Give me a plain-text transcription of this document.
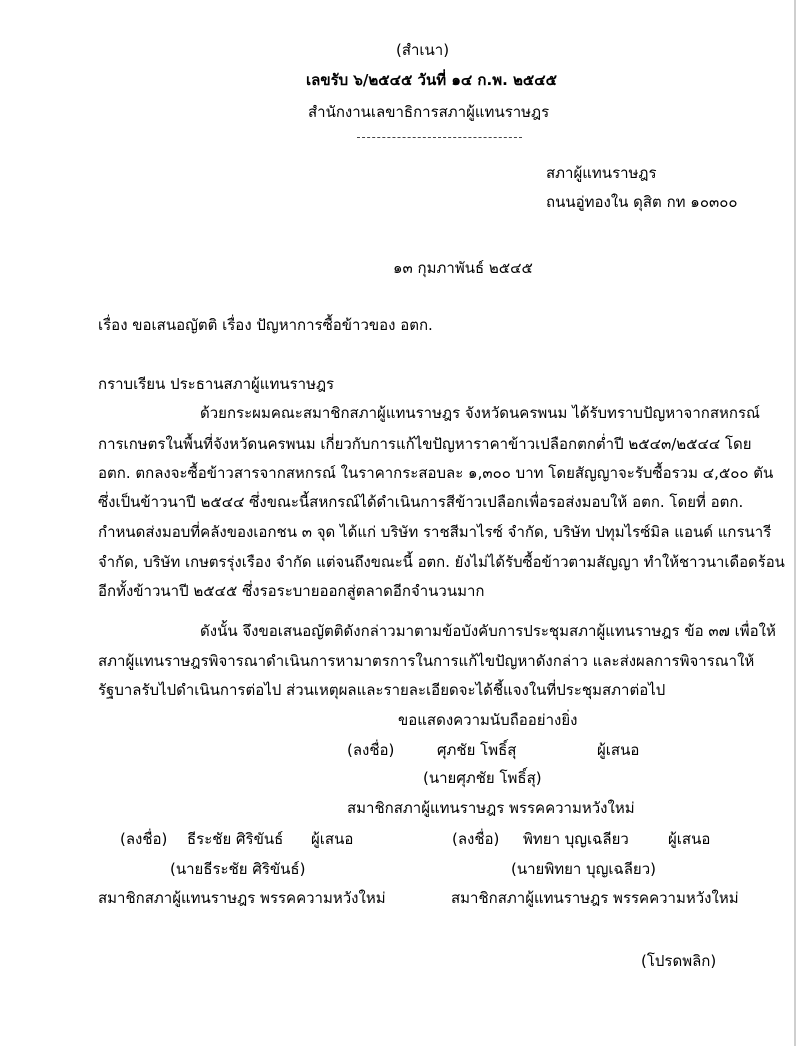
(สำเนา)
เลขรับ ๖/๒๕๔๕ วันที่ ๑๔ ก.พ. ๒๕๔๕
สำนักงานเลขาธิการสภาผู้แทนราษฎร
สภาผู้แทนราษฎร
ถนนอู่ทองใน ดุสิต กท ๑๐๓๐๐
๑๓ กุมภาพันธ์ ๒๕๔๕
เรื่อง ขอเสนอญัตติ เรื่อง ปัญหาการซื้อข้าวของ อตก.
กราบเรียน ประธานสภาผู้แทนราษฎร
ด้วยกระผมคณะสมาชิกสภาผู้แทนราษฎร จังหวัดนครพนม ได้รับทราบปัญหาจากสหกรณ์
การเกษตรในพื้นที่จังหวัดนครพนม เกี่ยวกับการแก้ไขปัญหาราคาข้าวเปลือกตกต่ำปี ๒๕๔๓/๒๕๔๔ โดย
อตก. ตกลงจะซื้อข้าวสารจากสหกรณ์ ในราคากระสอบละ ๑,๓๐๐ บาท โดยสัญญาจะรับซื้อรวม ๔,๕๐๐ ตัน
ซึ่งเป็นข้าวนาปี ๒๕๔๔ ซึ่งขณะนี้สหกรณ์ได้ดำเนินการสีข้าวเปลือกเพื่อรอส่งมอบให้ อตก. โดยที่ อตก.
กำหนดส่งมอบที่คลังของเอกชน ๓ จุด ได้แก่ บริษัท ราชสีมาไรซ์ จำกัด, บริษัท ปทุมไรซ์มิล แอนด์ แกรนารี
จำกัด, บริษัท เกษตรรุ่งเรือง จำกัด แต่จนถึงขณะนี้ อตก. ยังไม่ได้รับซื้อข้าวตามสัญญา ทำให้ชาวนาเดือดร้อน
อีกทั้งข้าวนาปี ๒๕๔๕ ซึ่งรอระบายออกสู่ตลาดอีกจำนวนมาก
ดังนั้น จึงขอเสนอญัตติดังกล่าวมาตามข้อบังคับการประชุมสภาผู้แทนราษฎร ข้อ ๓๗ เพื่อให้
สภาผู้แทนราษฎรพิจารณาดำเนินการหามาตรการในการแก้ไขปัญหาดังกล่าว และส่งผลการพิจารณาให้
รัฐบาลรับไปดำเนินการต่อไป ส่วนเหตุผลและรายละเอียดจะได้ชี้แจงในที่ประชุมสภาต่อไป
ขอแสดงความนับถืออย่างยิ่ง
(ลงชื่อ)	ศุภชัย โพธิ์สุ	ผู้เสนอ
(นายศุภชัย โพธิ์สุ)
สมาชิกสภาผู้แทนราษฎร พรรคความหวังใหม่
(ลงชื่อ) ธีระชัย ศิริขันธ์ ผู้เสนอ
(นายธีระชัย ศิริขันธ์)
สมาชิกสภาผู้แทนราษฎร พรรคความหวังใหม่
(ลงชื่อ) พิทยา บุญเฉลียว	ผู้เสนอ
(นายพิทยา บุญเฉลียว)
สมาชิกสภาผู้แทนราษฎร พรรคความหวังใหม่
(โปรดพลิก)
